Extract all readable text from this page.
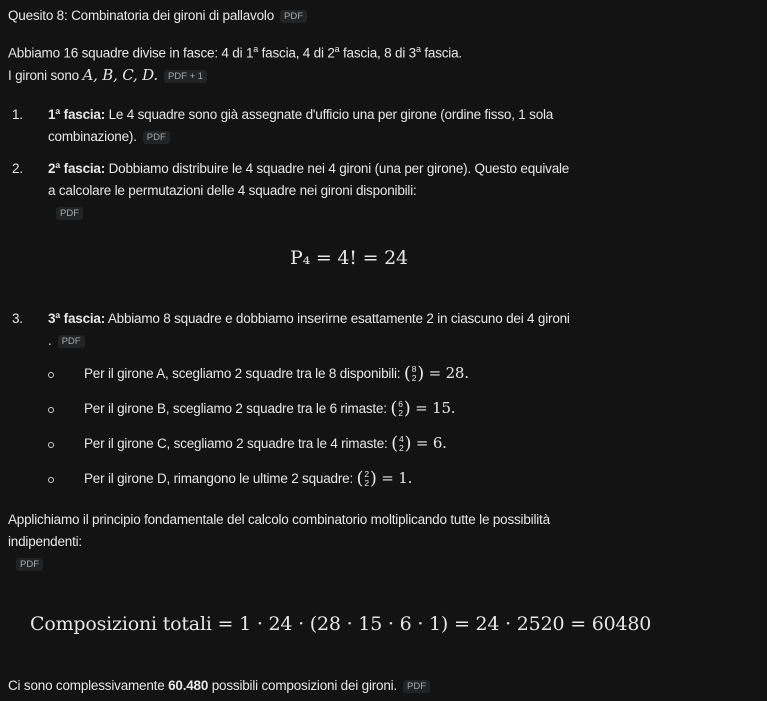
Quesito 8: Combinatoria dei gironi di pallavolo PDF
Abbiamo 16 squadre divise in fasce: 4 di 1$^a$ fascia, 4 di 2$^a$ fascia, 8 di 3$^a$ fascia.
I gironi sono A, B, C, D. PDF + 1
1. 1ª fascia: Le 4 squadre sono già assegnate d'ufficio una per girone (ordine fisso, 1 sola
combinazione). PDF
2. 2ª fascia: Dobbiamo distribuire le 4 squadre nei 4 gironi (una per girone). Questo equivale
a calcolare le permutazioni delle 4 squadre nei gironi disponibili:
PDF
P₄ = 4! = 24
3. 3ª fascia: Abbiamo 8 squadre e dobbiamo inserirne esattamente 2 in ciascuno dei 4 gironi
. PDF
Per il girone A, scegliamo 2 squadre tra le 8 disponibili: ( 8
2 ) = 28.
Per il girone B, scegliamo 2 squadre tra le 6 rimaste: ( 6
2 ) = 15.
Per il girone C, scegliamo 2 squadre tra le 4 rimaste: ( 4
2 ) = 6.
Per il girone D, rimangono le ultime 2 squadre: ( 2
2 ) = 1.
Applichiamo il principio fondamentale del calcolo combinatorio moltiplicando tutte le possibilità
indipendenti:
PDF
Composizioni totali = 1 · 24 · (28 · 15 · 6 · 1) = 24 · 2520 = 60480
Ci sono complessivamente 60.480 possibili composizioni dei gironi. PDF
